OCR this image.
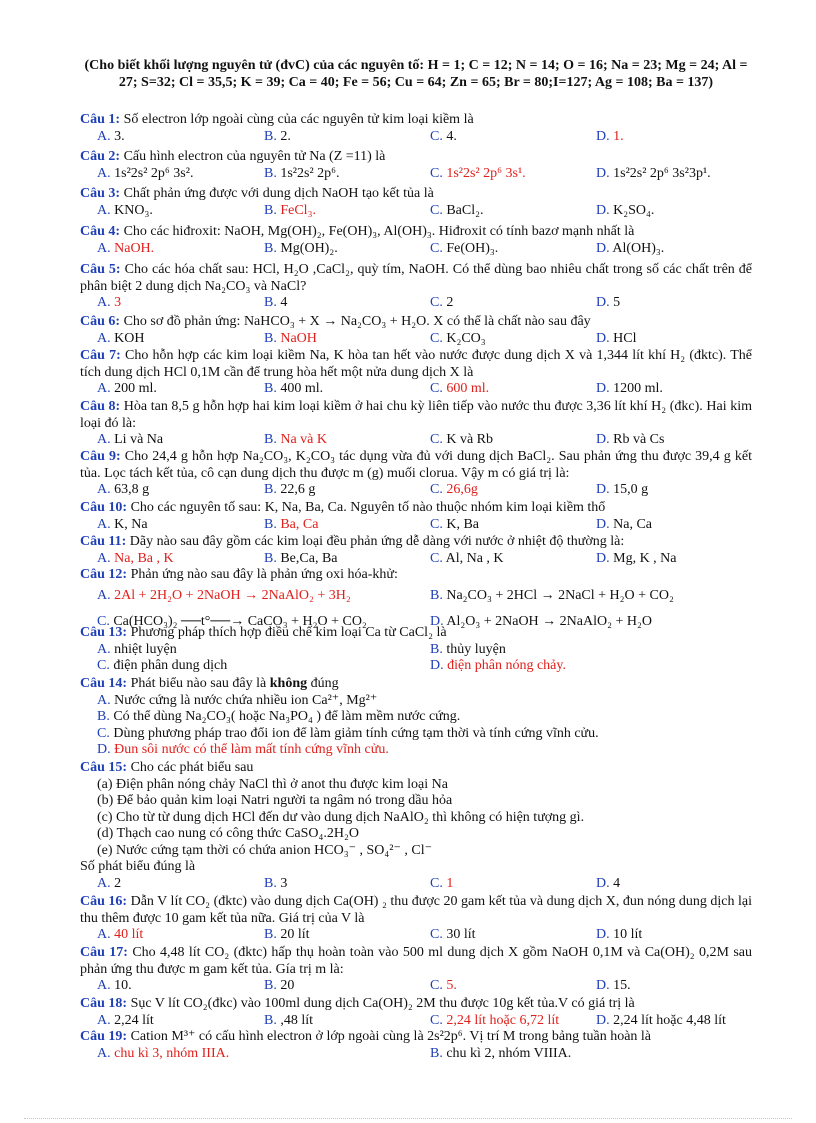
(Cho biết khối lượng nguyên tử (đvC) của các nguyên tố: H = 1; C = 12; N = 14; O = 16; Na = 23; Mg = 24; Al = 27; S=32; Cl = 35,5; K = 39; Ca = 40; Fe = 56; Cu = 64; Zn = 65; Br = 80;I=127; Ag = 108; Ba = 137)

Câu 1: Số electron lớp ngoài cùng của các nguyên tử kim loại kiềm là

A. 3.	B. 2.	C. 4.	D. 1.

Câu 2: Cấu hình electron của nguyên tử Na (Z =11) là

A. 1s²2s² 2p⁶ 3s².	B. 1s²2s² 2p⁶.	C. 1s²2s² 2p⁶ 3s¹.	D. 1s²2s² 2p⁶ 3s²3p¹.

Câu 3: Chất phản ứng được với dung dịch NaOH tạo kết tủa là

A. KNO₃.	B. FeCl₃.	C. BaCl₂.	D. K₂SO₄.

Câu 4: Cho các hiđroxit: NaOH, Mg(OH)₂, Fe(OH)₃, Al(OH)₃. Hiđroxit có tính bazơ mạnh nhất là

A. NaOH.	B. Mg(OH)₂.	C. Fe(OH)₃.	D. Al(OH)₃.

Câu 5: Cho các hóa chất sau: HCl, H₂O ,CaCl₂, quỳ tím, NaOH. Có thể dùng bao nhiêu chất trong số các chất trên để phân biệt 2 dung dịch Na₂CO₃ và NaCl?

A. 3	B. 4	C. 2	D. 5

Câu 6: Cho sơ đồ phản ứng: NaHCO₃ + X → Na₂CO₃ + H₂O. X có thể là chất nào sau đây

A. KOH	B. NaOH	C. K₂CO₃	D. HCl

Câu 7: Cho hỗn hợp các kim loại kiềm Na, K hòa tan hết vào nước được dung dịch X và 1,344 lít khí H₂ (đktc). Thể tích dung dịch HCl 0,1M cần để trung hòa hết một nửa dung dịch X là

A. 200 ml.	B. 400 ml.	C. 600 ml.	D. 1200 ml.

Câu 8: Hòa tan 8,5 g hỗn hợp hai kim loại kiềm ở hai chu kỳ liên tiếp vào nước thu được 3,36 lít khí H₂ (đkc). Hai kim loại đó là:

A. Li và Na	B. Na và K	C. K và Rb	D. Rb và Cs

Câu 9: Cho 24,4 g hỗn hợp Na₂CO₃, K₂CO₃ tác dụng vừa đủ với dung dịch BaCl₂. Sau phản ứng thu được 39,4 g kết tủa. Lọc tách kết tủa, cô cạn dung dịch thu được m (g) muối clorua. Vậy m có giá trị là:

A. 63,8 g	B. 22,6 g	C. 26,6g	D. 15,0 g

Câu 10: Cho các nguyên tố sau: K, Na, Ba, Ca. Nguyên tố nào thuộc nhóm kim loại kiềm thổ

A. K, Na	B. Ba, Ca	C. K, Ba	D. Na, Ca

Câu 11: Dãy nào sau đây gồm các kim loại đều phản ứng dễ dàng với nước ở nhiệt độ thường là:

A. Na, Ba , K	B. Be,Ca, Ba	C. Al, Na , K	D. Mg, K , Na

Câu 12: Phản ứng nào sau đây là phản ứng oxi hóa-khử:

A. 2Al + 2H₂O + 2NaOH → 2NaAlO₂ + 3H₂	B. Na₂CO₃ + 2HCl → 2NaCl + H₂O + CO₂
C. Ca(HCO₃)₂ ──t°──→ CaCO₃ + H₂O + CO₂	D. Al₂O₃ + 2NaOH → 2NaAlO₂ + H₂O

Câu 13: Phương pháp thích hợp điều chế kim loại Ca từ CaCl₂ là

A. nhiệt luyện	B. thủy luyện
C. điện phân dung dịch	D. điện phân nóng chảy.

Câu 14: Phát biểu nào sau đây là không đúng

A. Nước cứng là nước chứa nhiều ion Ca²⁺, Mg²⁺
B. Có thể dùng Na₂CO₃( hoặc Na₃PO₄ ) để làm mềm nước cứng.
C. Dùng phương pháp trao đổi ion để làm giảm tính cứng tạm thời và tính cứng vĩnh cửu.
D. Đun sôi nước có thể làm mất tính cứng vĩnh cửu.

Câu 15: Cho các phát biểu sau

(a) Điện phân nóng chảy NaCl thì ở anot thu được kim loại Na
(b) Để bảo quản kim loại Natri người ta ngâm nó trong dầu hỏa
(c) Cho từ từ dung dịch HCl đến dư vào dung dịch NaAlO₂ thì không có hiện tượng gì.
(d) Thạch cao nung có công thức CaSO₄.2H₂O
(e) Nước cứng tạm thời có chứa anion HCO₃⁻ , SO₄²⁻ , Cl⁻
Số phát biểu đúng là
A. 2	B. 3	C. 1	D. 4

Câu 16: Dẫn V lít CO₂ (đktc) vào dung dịch Ca(OH) ₂ thu được 20 gam kết tủa và dung dịch X, đun nóng dung dịch lại thu thêm được 10 gam kết tủa nữa. Giá trị của V là

A. 40 lít	B. 20 lít	C. 30 lít	D. 10 lít

Câu 17: Cho 4,48 lít CO₂ (đktc) hấp thụ hoàn toàn vào 500 ml dung dịch X gồm NaOH 0,1M và Ca(OH)₂ 0,2M sau phản ứng thu được m gam kết tủa. Gía trị m là:

A. 10.	B. 20	C. 5.	D. 15.

Câu 18: Sục V lít CO₂(đkc) vào 100ml dung dịch Ca(OH)₂ 2M thu được 10g kết tủa.V có giá trị là

A. 2,24 lít	B. ,48 lít	C. 2,24 lít hoặc 6,72 lít	D. 2,24 lít hoặc 4,48 lít

Câu 19: Cation M³⁺ có cấu hình electron ở lớp ngoài cùng là 2s²2p⁶. Vị trí M trong bảng tuần hoàn là

A. chu kì 3, nhóm IIIA.	B. chu kì 2, nhóm VIIIA.
